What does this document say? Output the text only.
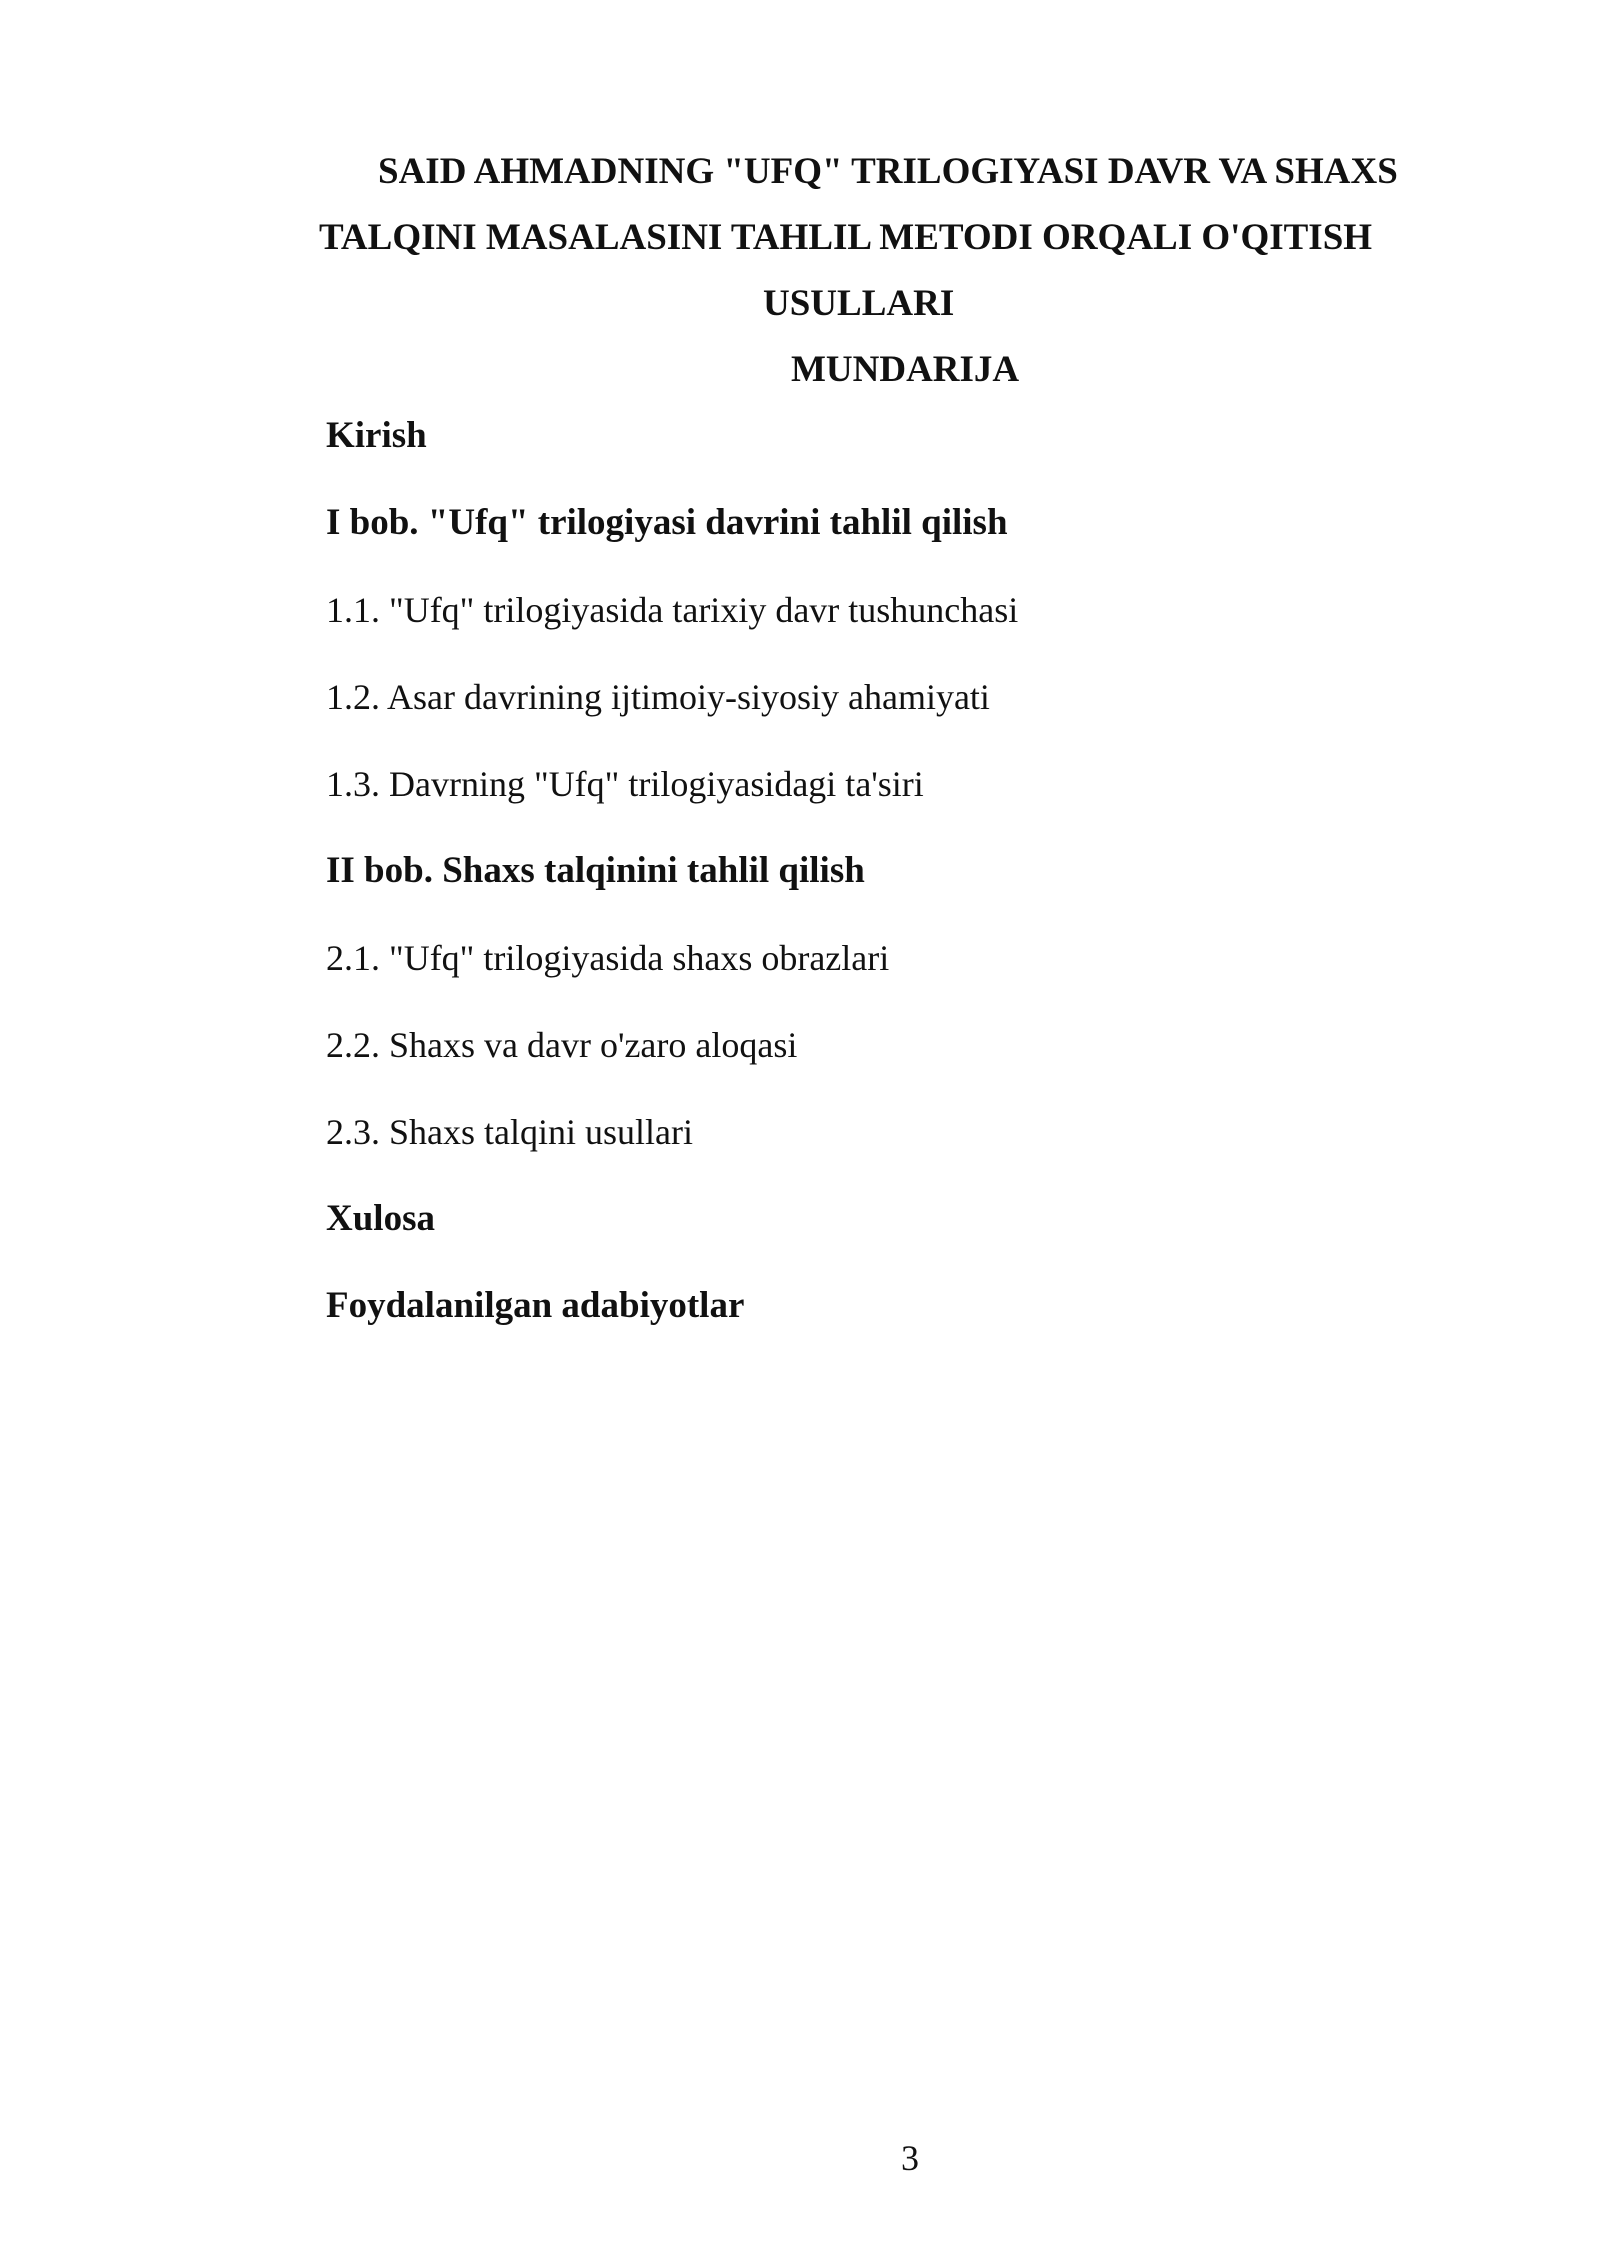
SAID AHMADNING "UFQ" TRILOGIYASI DAVR VA SHAXS
TALQINI MASALASINI TAHLIL METODI ORQALI O'QITISH
USULLARI
MUNDARIJA
Kirish
I bob. "Ufq" trilogiyasi davrini tahlil qilish
1.1. "Ufq" trilogiyasida tarixiy davr tushunchasi
1.2. Asar davrining ijtimoiy-siyosiy ahamiyati
1.3. Davrning "Ufq" trilogiyasidagi ta'siri
II bob. Shaxs talqinini tahlil qilish
2.1. "Ufq" trilogiyasida shaxs obrazlari
2.2. Shaxs va davr o'zaro aloqasi
2.3. Shaxs talqini usullari
Xulosa
Foydalanilgan adabiyotlar
3
